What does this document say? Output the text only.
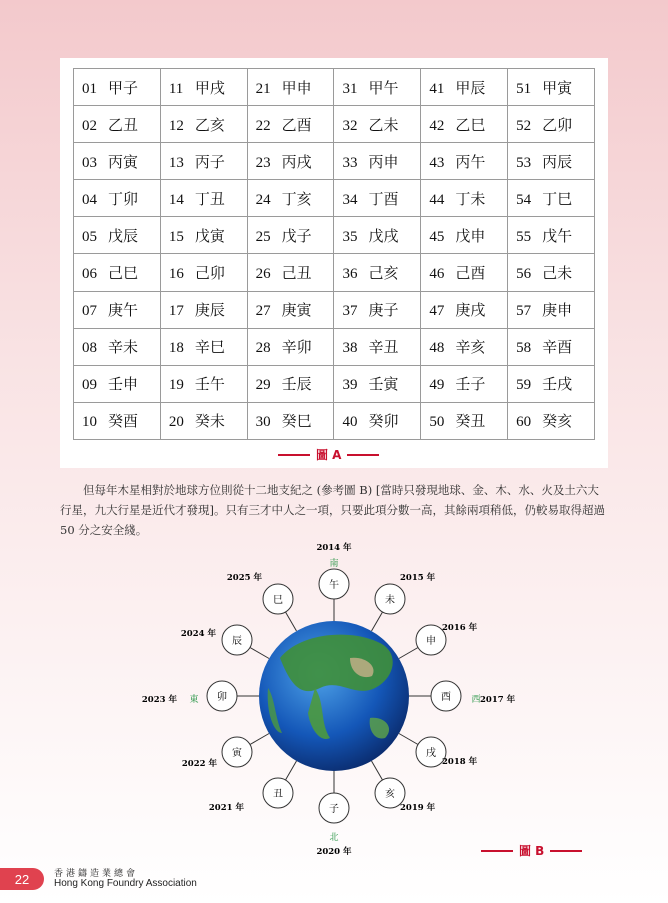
01 甲子	11 甲戌	21 甲申	31 甲午	41 甲辰	51 甲寅
02 乙丑	12 乙亥	22 乙酉	32 乙未	42 乙巳	52 乙卯
03 丙寅	13 丙子	23 丙戌	33 丙申	43 丙午	53 丙辰
04 丁卯	14 丁丑	24 丁亥	34 丁酉	44 丁未	54 丁巳
05 戊辰	15 戊寅	25 戊子	35 戊戌	45 戊申	55 戊午
06 己巳	16 己卯	26 己丑	36 己亥	46 己酉	56 己未
07 庚午	17 庚辰	27 庚寅	37 庚子	47 庚戌	57 庚申
08 辛未	18 辛巳	28 辛卯	38 辛丑	48 辛亥	58 辛酉
09 壬申	19 壬午	29 壬辰	39 壬寅	49 壬子	59 壬戌
10 癸酉	20 癸未	30 癸巳	40 癸卯	50 癸丑	60 癸亥
圖 A

但每年木星相對於地球方位則從十二地支紀之 (參考圖 B) [當時只發現地球、金、木、水、火及土六大行星，九大行星是近代才發現]。只有三才中人之一項，只要此項分數一高，其餘兩項稍低，仍較易取得超過 50 分之安全綫。

午
未
申
酉
戌
亥
子
丑
寅
卯
辰
巳
2014 年
2015 年
2016 年
2017 年
2018 年
2019 年
2020 年
2021 年
2022 年
2023 年
2024 年
2025 年
南
東	西
北
圖 B
22	香港鑄造業總會
Hong Kong Foundry Association
